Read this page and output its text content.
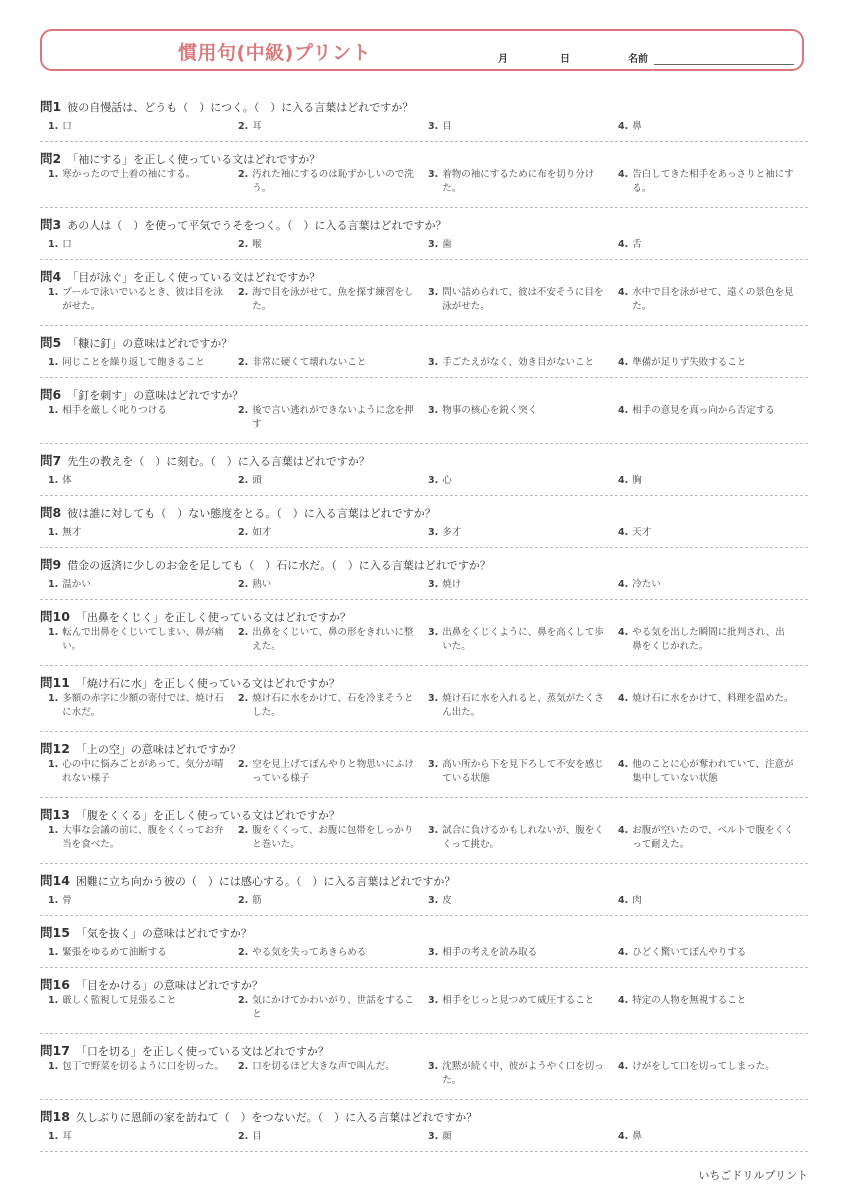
慣用句(中級)プリント	月	日	名前
問1 彼の自慢話は、どうも（　）につく。（　）に入る言葉はどれですか？
1. 口	2. 耳	3. 目	4. 鼻
問2 「袖にする」を正しく使っている文はどれですか？
1. 寒かったので上着の袖にする。	2. 汚れた袖にするのは恥ずかしいので洗う。
3. 着物の袖にするために布を切り分けた。
4. 告白してきた相手をあっさりと袖にする。
問3 あの人は（　）を使って平気でうそをつく。（　）に入る言葉はどれですか？
1. 口	2. 喉	3. 歯	4. 舌
問4 「目が泳ぐ」を正しく使っている文はどれですか？
1. プールで泳いでいるとき、彼は目を泳がせた。
2. 海で目を泳がせて、魚を探す練習をした。
3. 問い詰められて、彼は不安そうに目を泳がせた。
4. 水中で目を泳がせて、遠くの景色を見た。
問5 「糠に釘」の意味はどれですか？
1. 同じことを繰り返して飽きること	2. 非常に硬くて壊れないこと	3. 手ごたえがなく、効き目がないこと	4. 準備が足りず失敗すること
問6 「釘を刺す」の意味はどれですか？
1. 相手を厳しく叱りつける	2. 後で言い逃れができないように念を押す
3. 物事の核心を鋭く突く	4. 相手の意見を真っ向から否定する
問7 先生の教えを（　）に刻む。（　）に入る言葉はどれですか？
1. 体	2. 頭	3. 心	4. 胸
問8 彼は誰に対しても（　）ない態度をとる。（　）に入る言葉はどれですか？
1. 無才	2. 如才	3. 多才	4. 天才
問9 借金の返済に少しのお金を足しても（　）石に水だ。（　）に入る言葉はどれですか？
1. 温かい	2. 熱い	3. 焼け	4. 冷たい
問10 「出鼻をくじく」を正しく使っている文はどれですか？
1. 転んで出鼻をくじいてしまい、鼻が痛い。
2. 出鼻をくじいて、鼻の形をきれいに整えた。
3. 出鼻をくじくように、鼻を高くして歩いた。
4. やる気を出した瞬間に批判され、出鼻をくじかれた。
問11 「焼け石に水」を正しく使っている文はどれですか？
1. 多額の赤字に少額の寄付では、焼け石に水だ。
2. 焼け石に水をかけて、石を冷まそうとした。
3. 焼け石に水を入れると、蒸気がたくさん出た。
4. 焼け石に水をかけて、料理を温めた。
問12 「上の空」の意味はどれですか？
1. 心の中に悩みごとがあって、気分が晴れない様子
2. 空を見上げてぼんやりと物思いにふけっている様子
3. 高い所から下を見下ろして不安を感じている状態
4. 他のことに心が奪われていて、注意が集中していない状態
問13 「腹をくくる」を正しく使っている文はどれですか？
1. 大事な会議の前に、腹をくくってお弁当を食べた。
2. 腹をくくって、お腹に包帯をしっかりと巻いた。
3. 試合に負けるかもしれないが、腹をくくって挑む。
4. お腹が空いたので、ベルトで腹をくくって耐えた。
問14 困難に立ち向かう彼の（　）には感心する。（　）に入る言葉はどれですか？
1. 骨	2. 筋	3. 皮	4. 肉
問15 「気を抜く」の意味はどれですか？
1. 緊張をゆるめて油断する	2. やる気を失ってあきらめる	3. 相手の考えを読み取る	4. ひどく驚いてぼんやりする
問16 「目をかける」の意味はどれですか？
1. 厳しく監視して見張ること	2. 気にかけてかわいがり、世話をすること
3. 相手をじっと見つめて威圧すること	4. 特定の人物を無視すること
問17 「口を切る」を正しく使っている文はどれですか？
1. 包丁で野菜を切るように口を切った。 2. 口を切るほど大きな声で叫んだ。	3. 沈黙が続く中、彼がようやく口を切った。
4. けがをして口を切ってしまった。
問18 久しぶりに恩師の家を訪ねて（　）をつないだ。（　）に入る言葉はどれですか？
1. 耳	2. 目	3. 顔	4. 鼻
いちごドリルプリント
